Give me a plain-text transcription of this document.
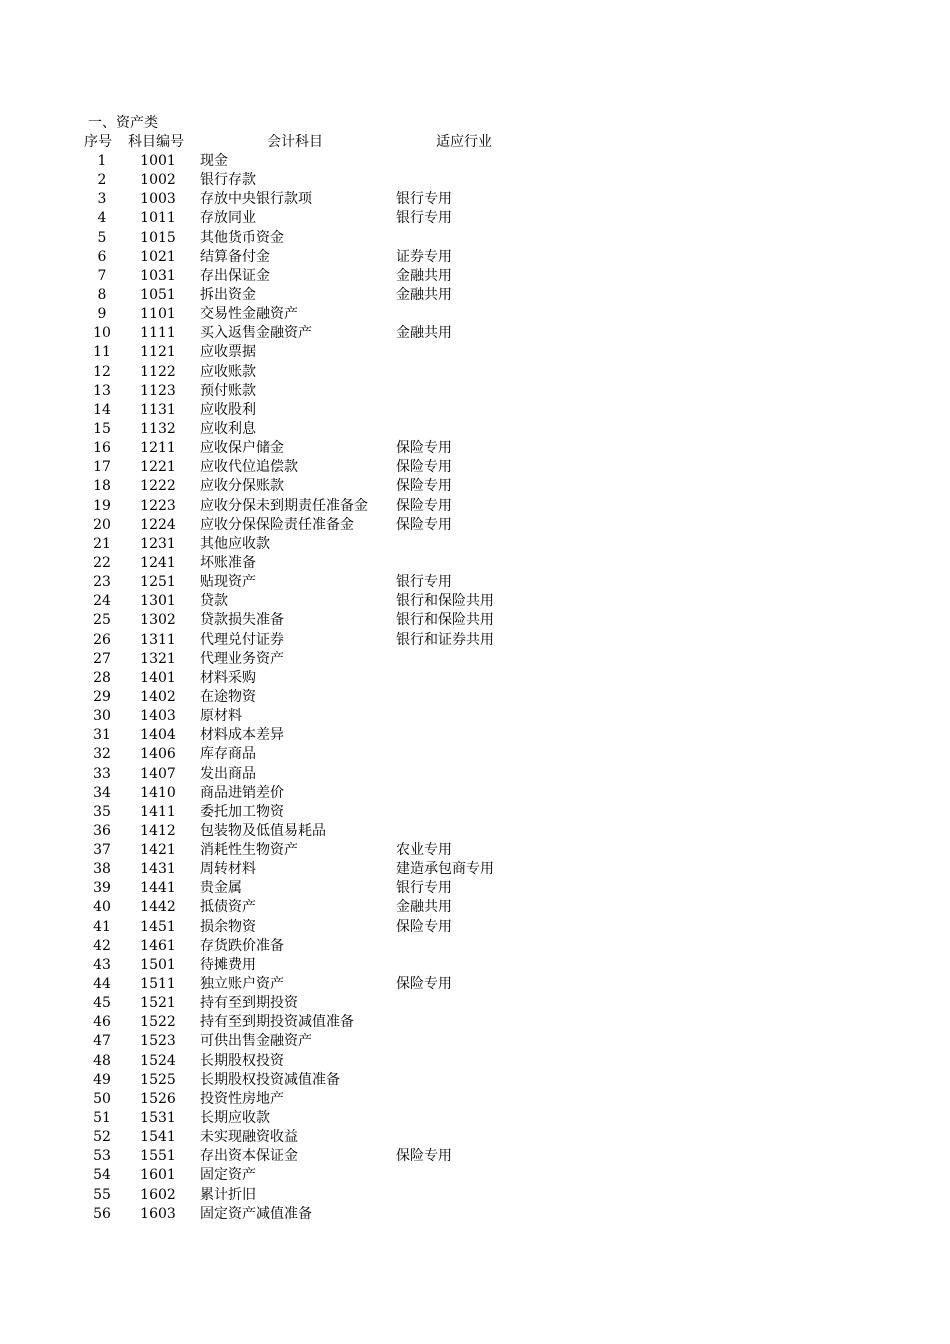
一、资产类
序号	科目编号	会计科目	适应行业
1	1001	现金
2	1002	银行存款
3	1003	存放中央银行款项	银行专用
4	1011	存放同业	银行专用
5	1015	其他货币资金
6	1021	结算备付金	证券专用
7	1031	存出保证金	金融共用
8	1051	拆出资金	金融共用
9	1101	交易性金融资产
10	1111	买入返售金融资产	金融共用
11	1121	应收票据
12	1122	应收账款
13	1123	预付账款
14	1131	应收股利
15	1132	应收利息
16	1211	应收保户储金	保险专用
17	1221	应收代位追偿款	保险专用
18	1222	应收分保账款	保险专用
19	1223	应收分保未到期责任准备金	保险专用
20	1224	应收分保保险责任准备金	保险专用
21	1231	其他应收款
22	1241	坏账准备
23	1251	贴现资产	银行专用
24	1301	贷款	银行和保险共用
25	1302	贷款损失准备	银行和保险共用
26	1311	代理兑付证券	银行和证券共用
27	1321	代理业务资产
28	1401	材料采购
29	1402	在途物资
30	1403	原材料
31	1404	材料成本差异
32	1406	库存商品
33	1407	发出商品
34	1410	商品进销差价
35	1411	委托加工物资
36	1412	包装物及低值易耗品
37	1421	消耗性生物资产	农业专用
38	1431	周转材料	建造承包商专用
39	1441	贵金属	银行专用
40	1442	抵债资产	金融共用
41	1451	损余物资	保险专用
42	1461	存货跌价准备
43	1501	待摊费用
44	1511	独立账户资产	保险专用
45	1521	持有至到期投资
46	1522	持有至到期投资减值准备
47	1523	可供出售金融资产
48	1524	长期股权投资
49	1525	长期股权投资减值准备
50	1526	投资性房地产
51	1531	长期应收款
52	1541	未实现融资收益
53	1551	存出资本保证金	保险专用
54	1601	固定资产
55	1602	累计折旧
56	1603	固定资产减值准备
